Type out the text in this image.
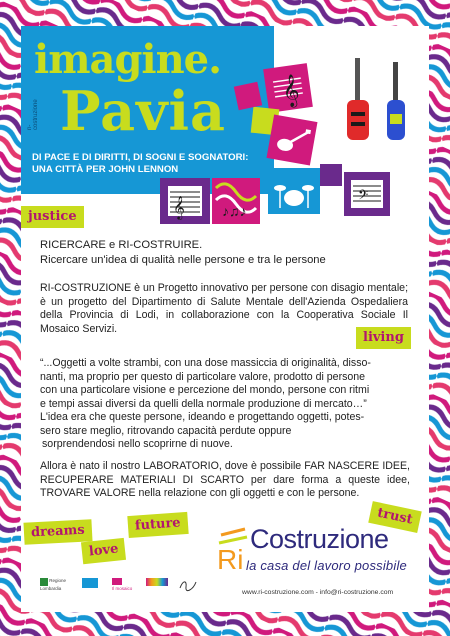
imagine.
Pavia
ri-costruzione
DI PACE E DI DIRITTI, DI SOGNI E SOGNATORI:
UNA CITTÀ PER JOHN LENNON
𝄞
𝄞	♪♫♪
𝄢
justice
living
dreams
love
future	trust
RICERCARE e RI-COSTRUIRE.
Ricercare un'idea di qualità nelle persone e tra le persone
RI-COSTRUZIONE è un Progetto innovativo per persone con disagio mentale; è un progetto del Dipartimento di Salute Mentale dell'Azienda Ospedaliera della Provincia di Lodi, in collaborazione con la Cooperativa Sociale Il Mosaico Servizi.
“...Oggetti a volte strambi, con una dose massiccia di originalità, disso-
nanti, ma proprio per questo di particolare valore, prodotto di persone
con una particolare visione e percezione del mondo, persone con ritmi
e tempi assai diversi da quelli della normale produzione di mercato…”
L'idea era che queste persone, ideando e progettando oggetti, potes-
sero stare meglio, ritrovando capacità perdute oppure
sorprendendosi nello scoprirne di nuove.
Allora è nato il nostro LABORATORIO, dove è possibile FAR NASCERE IDEE, RECUPERARE MATERIALI DI SCARTO per dare forma a queste idee, TROVARE VALORE nella relazione con gli oggetti e con le persone.
Ri
Costruzione
la casa del lavoro possibile
Regione Lombardia	Il mosaico
www.ri-costruzione.com - info@ri-costruzione.com
